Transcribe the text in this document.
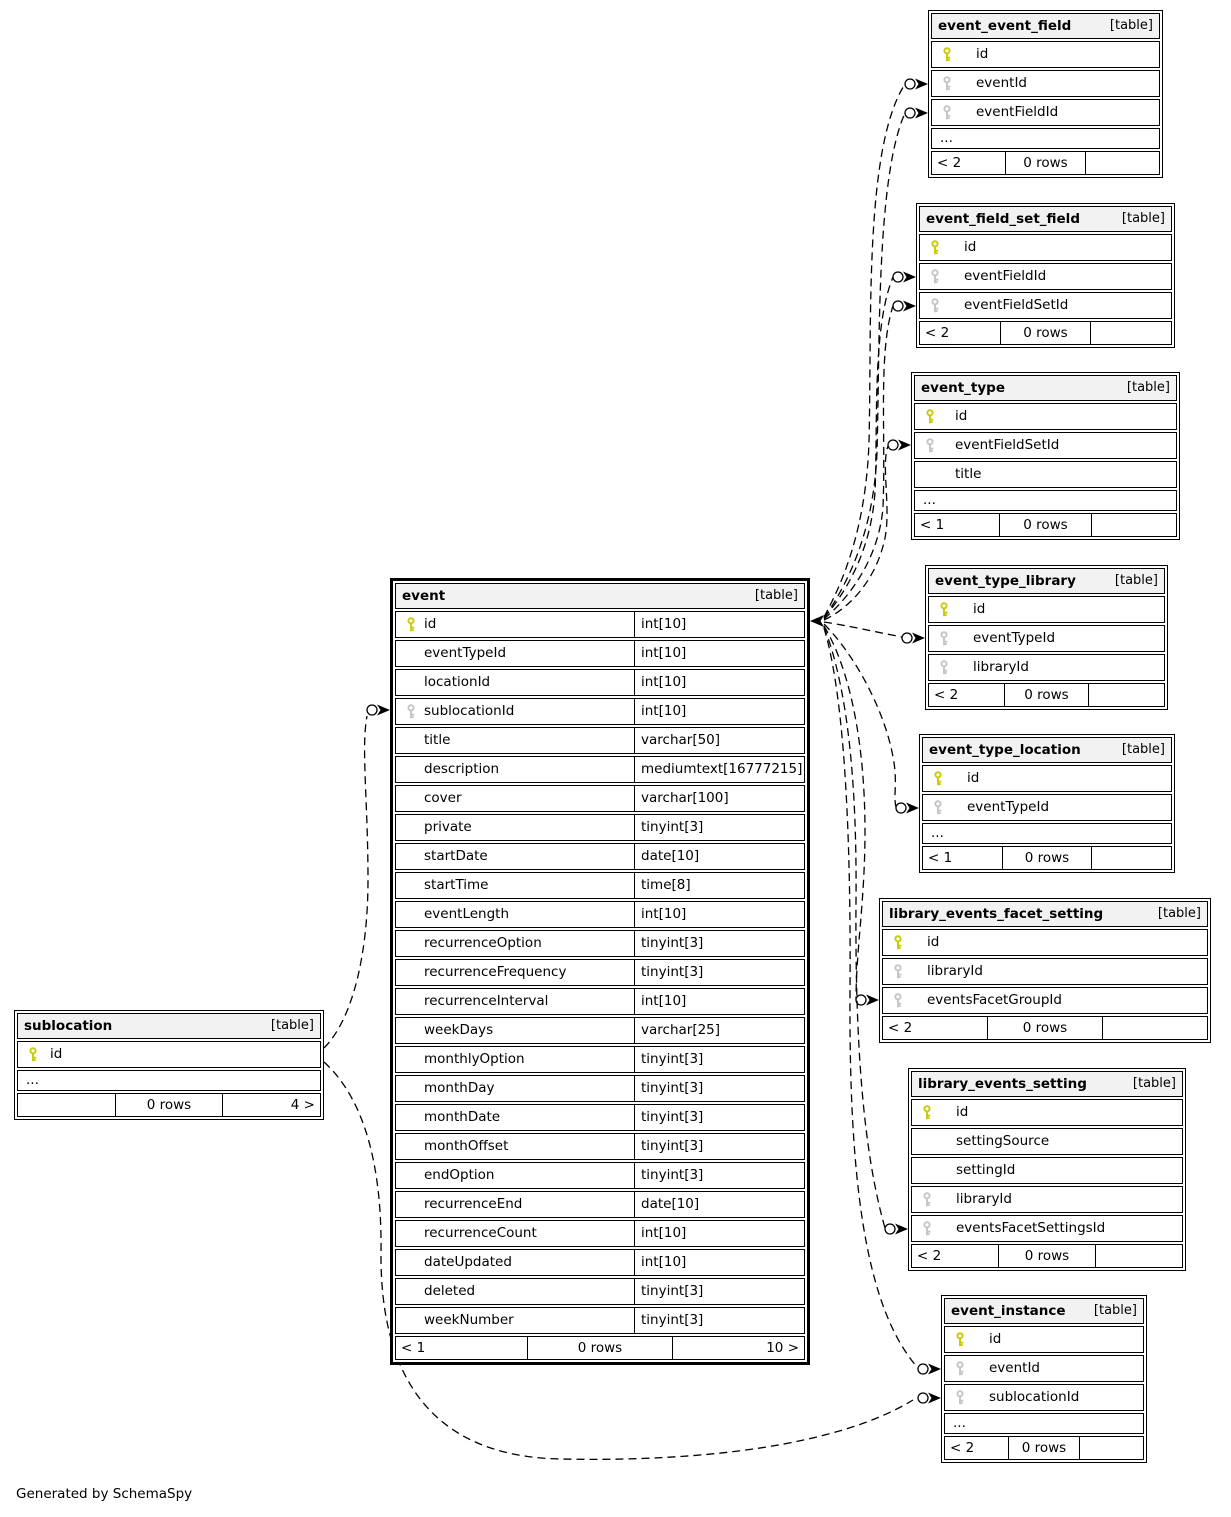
event_event_field	[table]
id
eventId
eventFieldId
...
< 2	0 rows
event_field_set_field	[table]
id
eventFieldId
eventFieldSetId
< 2	0 rows
event_type	[table]
id
eventFieldSetId
title
...
< 1	0 rows
event_type_library	[table]
id
eventTypeId
libraryId
< 2	0 rows
event_type_location	[table]
id
eventTypeId
...
< 1	0 rows
library_events_facet_setting	[table]
id
libraryId
eventsFacetGroupId
< 2	0 rows
library_events_setting	[table]
id
settingSource
settingId
libraryId
eventsFacetSettingsId
< 2	0 rows
event_instance [table]
id
eventId
sublocationId
...
< 2	0 rows
event	[table]
id	int[10]
eventTypeId	int[10]
locationId	int[10]
sublocationId	int[10]
title	varchar[50]
description	mediumtext[16777215]
cover	varchar[100]
private	tinyint[3]
startDate	date[10]
startTime	time[8]
eventLength	int[10]
recurrenceOption	tinyint[3]
recurrenceFrequency	tinyint[3]
recurrenceInterval	int[10]
weekDays	varchar[25]
monthlyOption	tinyint[3]
monthDay	tinyint[3]
monthDate	tinyint[3]
monthOffset	tinyint[3]
endOption	tinyint[3]
recurrenceEnd	date[10]
recurrenceCount	int[10]
dateUpdated	int[10]
deleted	tinyint[3]
weekNumber	tinyint[3]
< 1	0 rows	10 >
sublocation	[table]
id
...
0 rows	4 >
Generated by SchemaSpy
